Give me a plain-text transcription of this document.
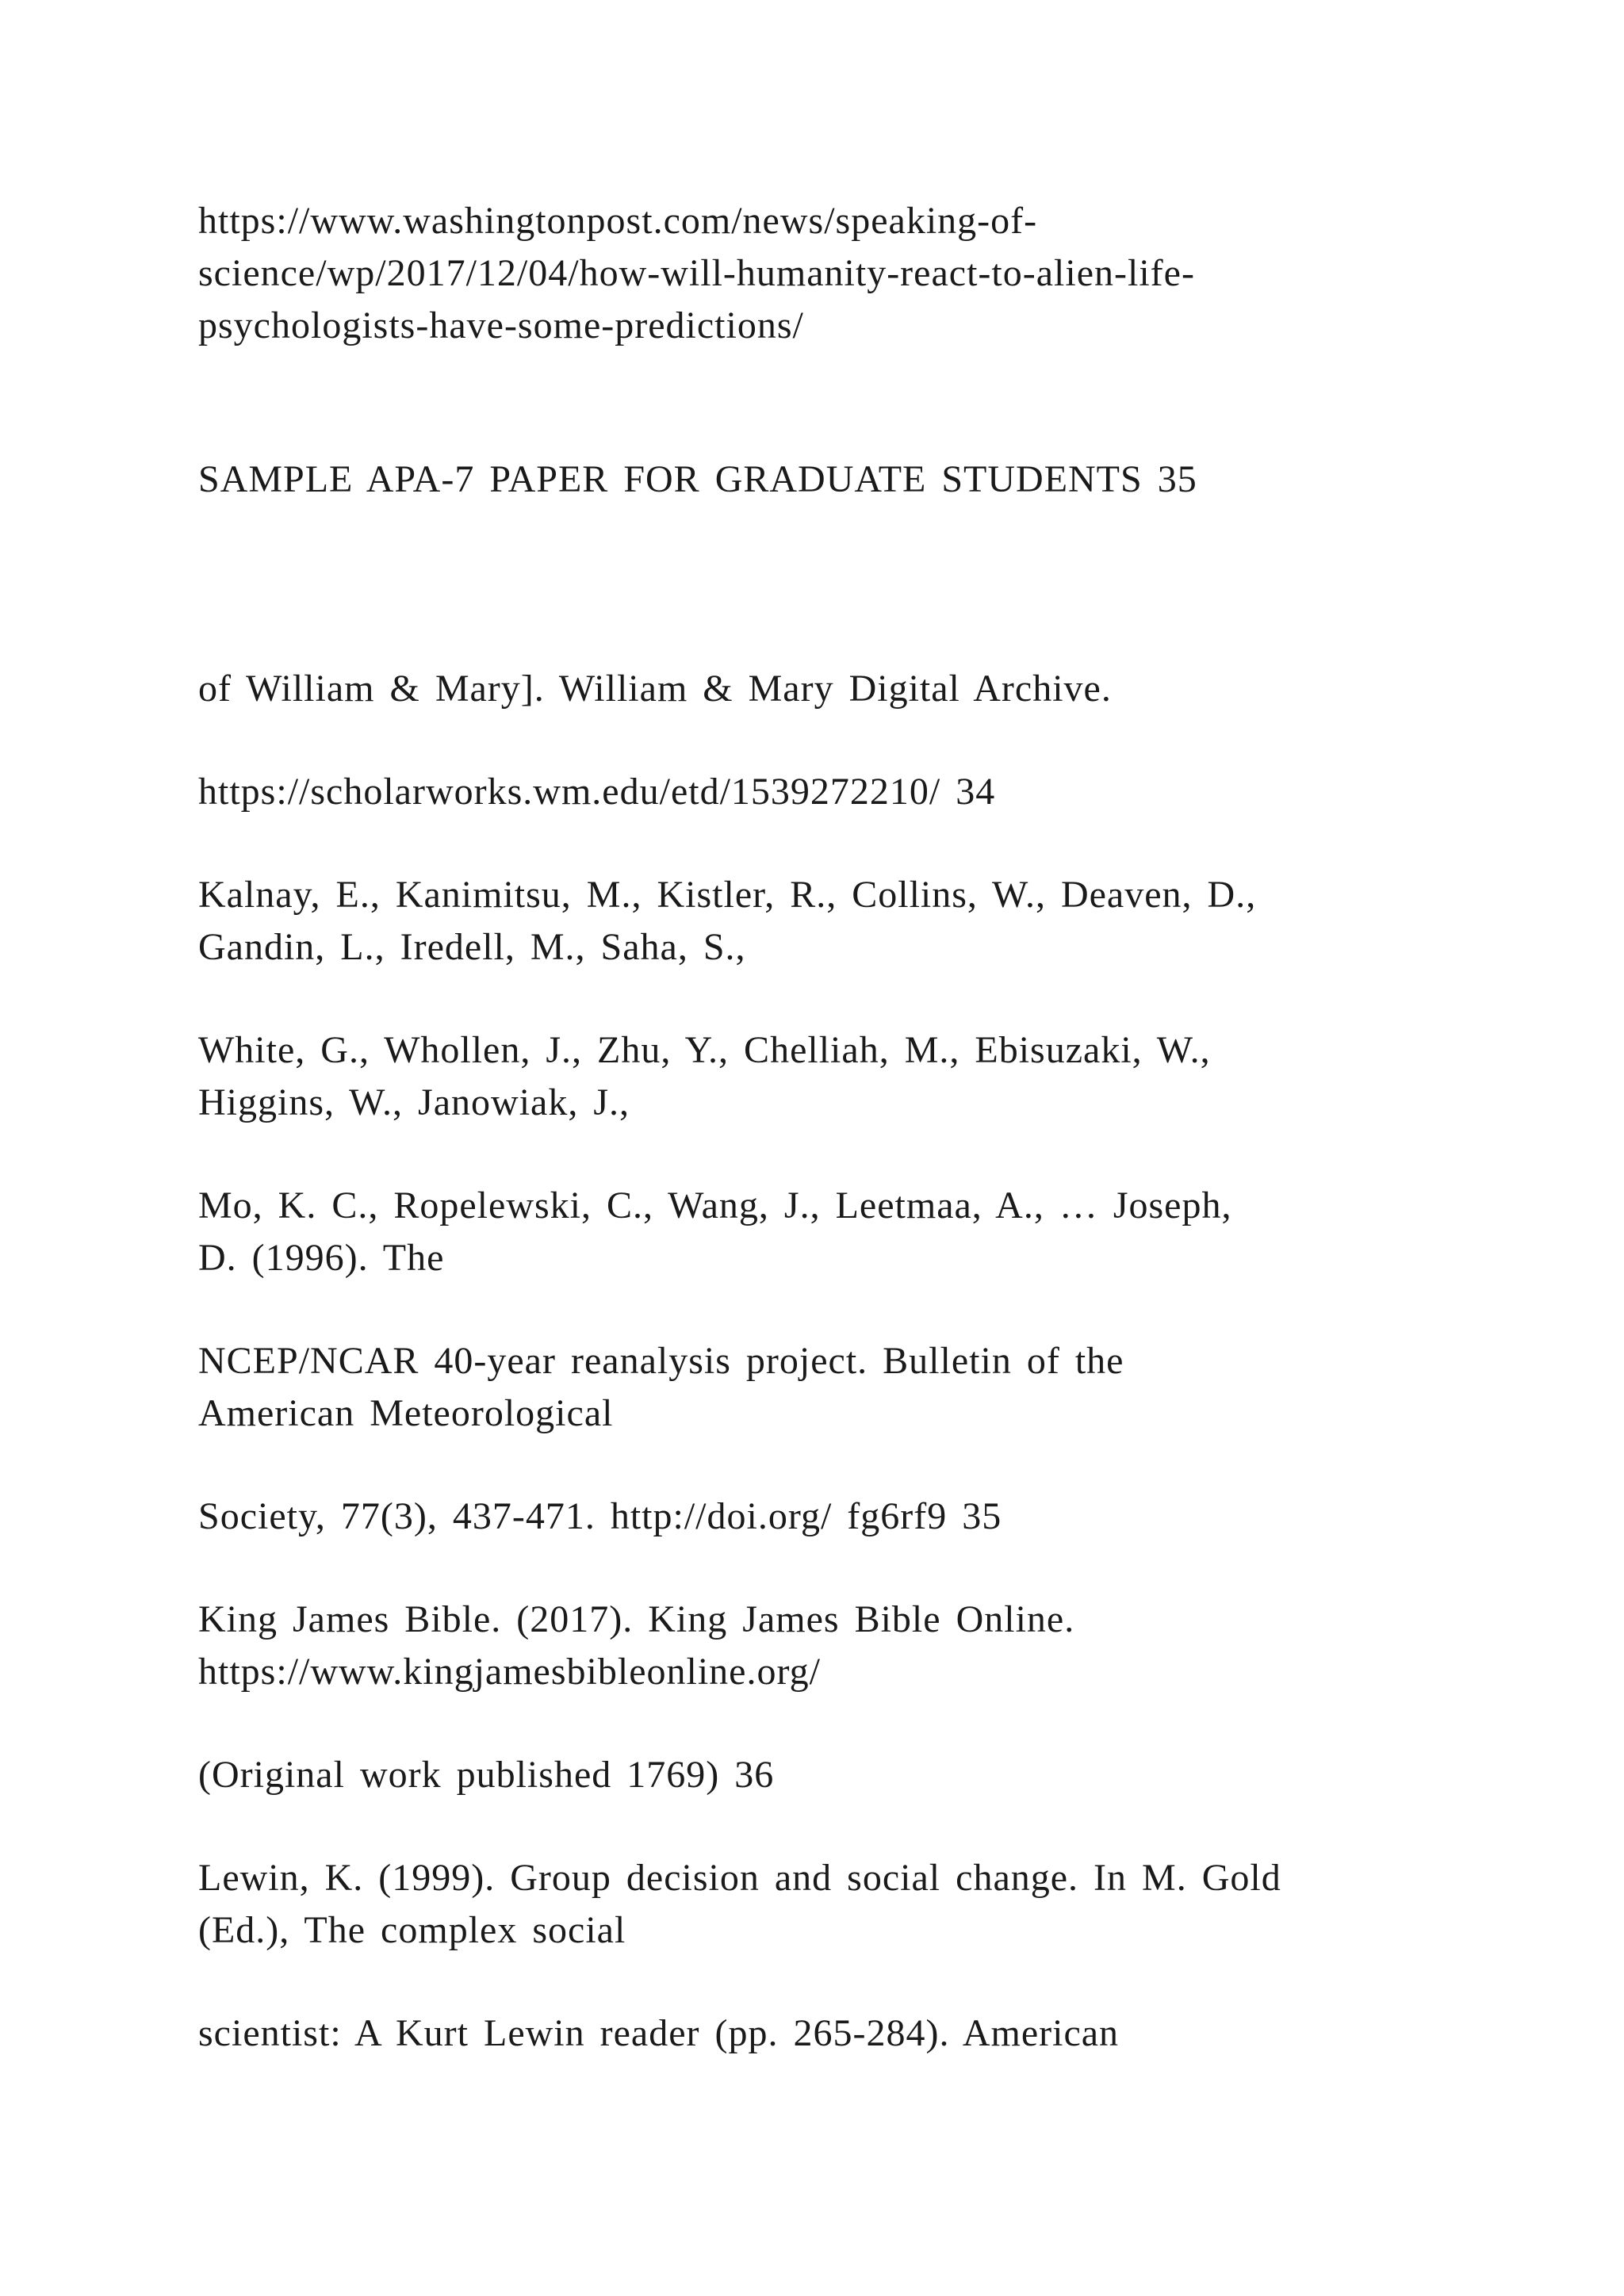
https://www.washingtonpost.com/news/speaking-of-
science/wp/2017/12/04/how-will-humanity-react-to-alien-life-
psychologists-have-some-predictions/

SAMPLE APA-7 PAPER FOR GRADUATE STUDENTS 35

of William & Mary]. William & Mary Digital Archive.

https://scholarworks.wm.edu/etd/1539272210/ 34

Kalnay, E., Kanimitsu, M., Kistler, R., Collins, W., Deaven, D.,
Gandin, L., Iredell, M., Saha, S.,

White, G., Whollen, J., Zhu, Y., Chelliah, M., Ebisuzaki, W.,
Higgins, W., Janowiak, J.,

Mo, K. C., Ropelewski, C., Wang, J., Leetmaa, A., … Joseph,
D. (1996). The

NCEP/NCAR 40-year reanalysis project. Bulletin of the
American Meteorological

Society, 77(3), 437-471. http://doi.org/ fg6rf9 35

King James Bible. (2017). King James Bible Online.
https://www.kingjamesbibleonline.org/

(Original work published 1769) 36

Lewin, K. (1999). Group decision and social change. In M. Gold
(Ed.), The complex social

scientist: A Kurt Lewin reader (pp. 265-284). American
